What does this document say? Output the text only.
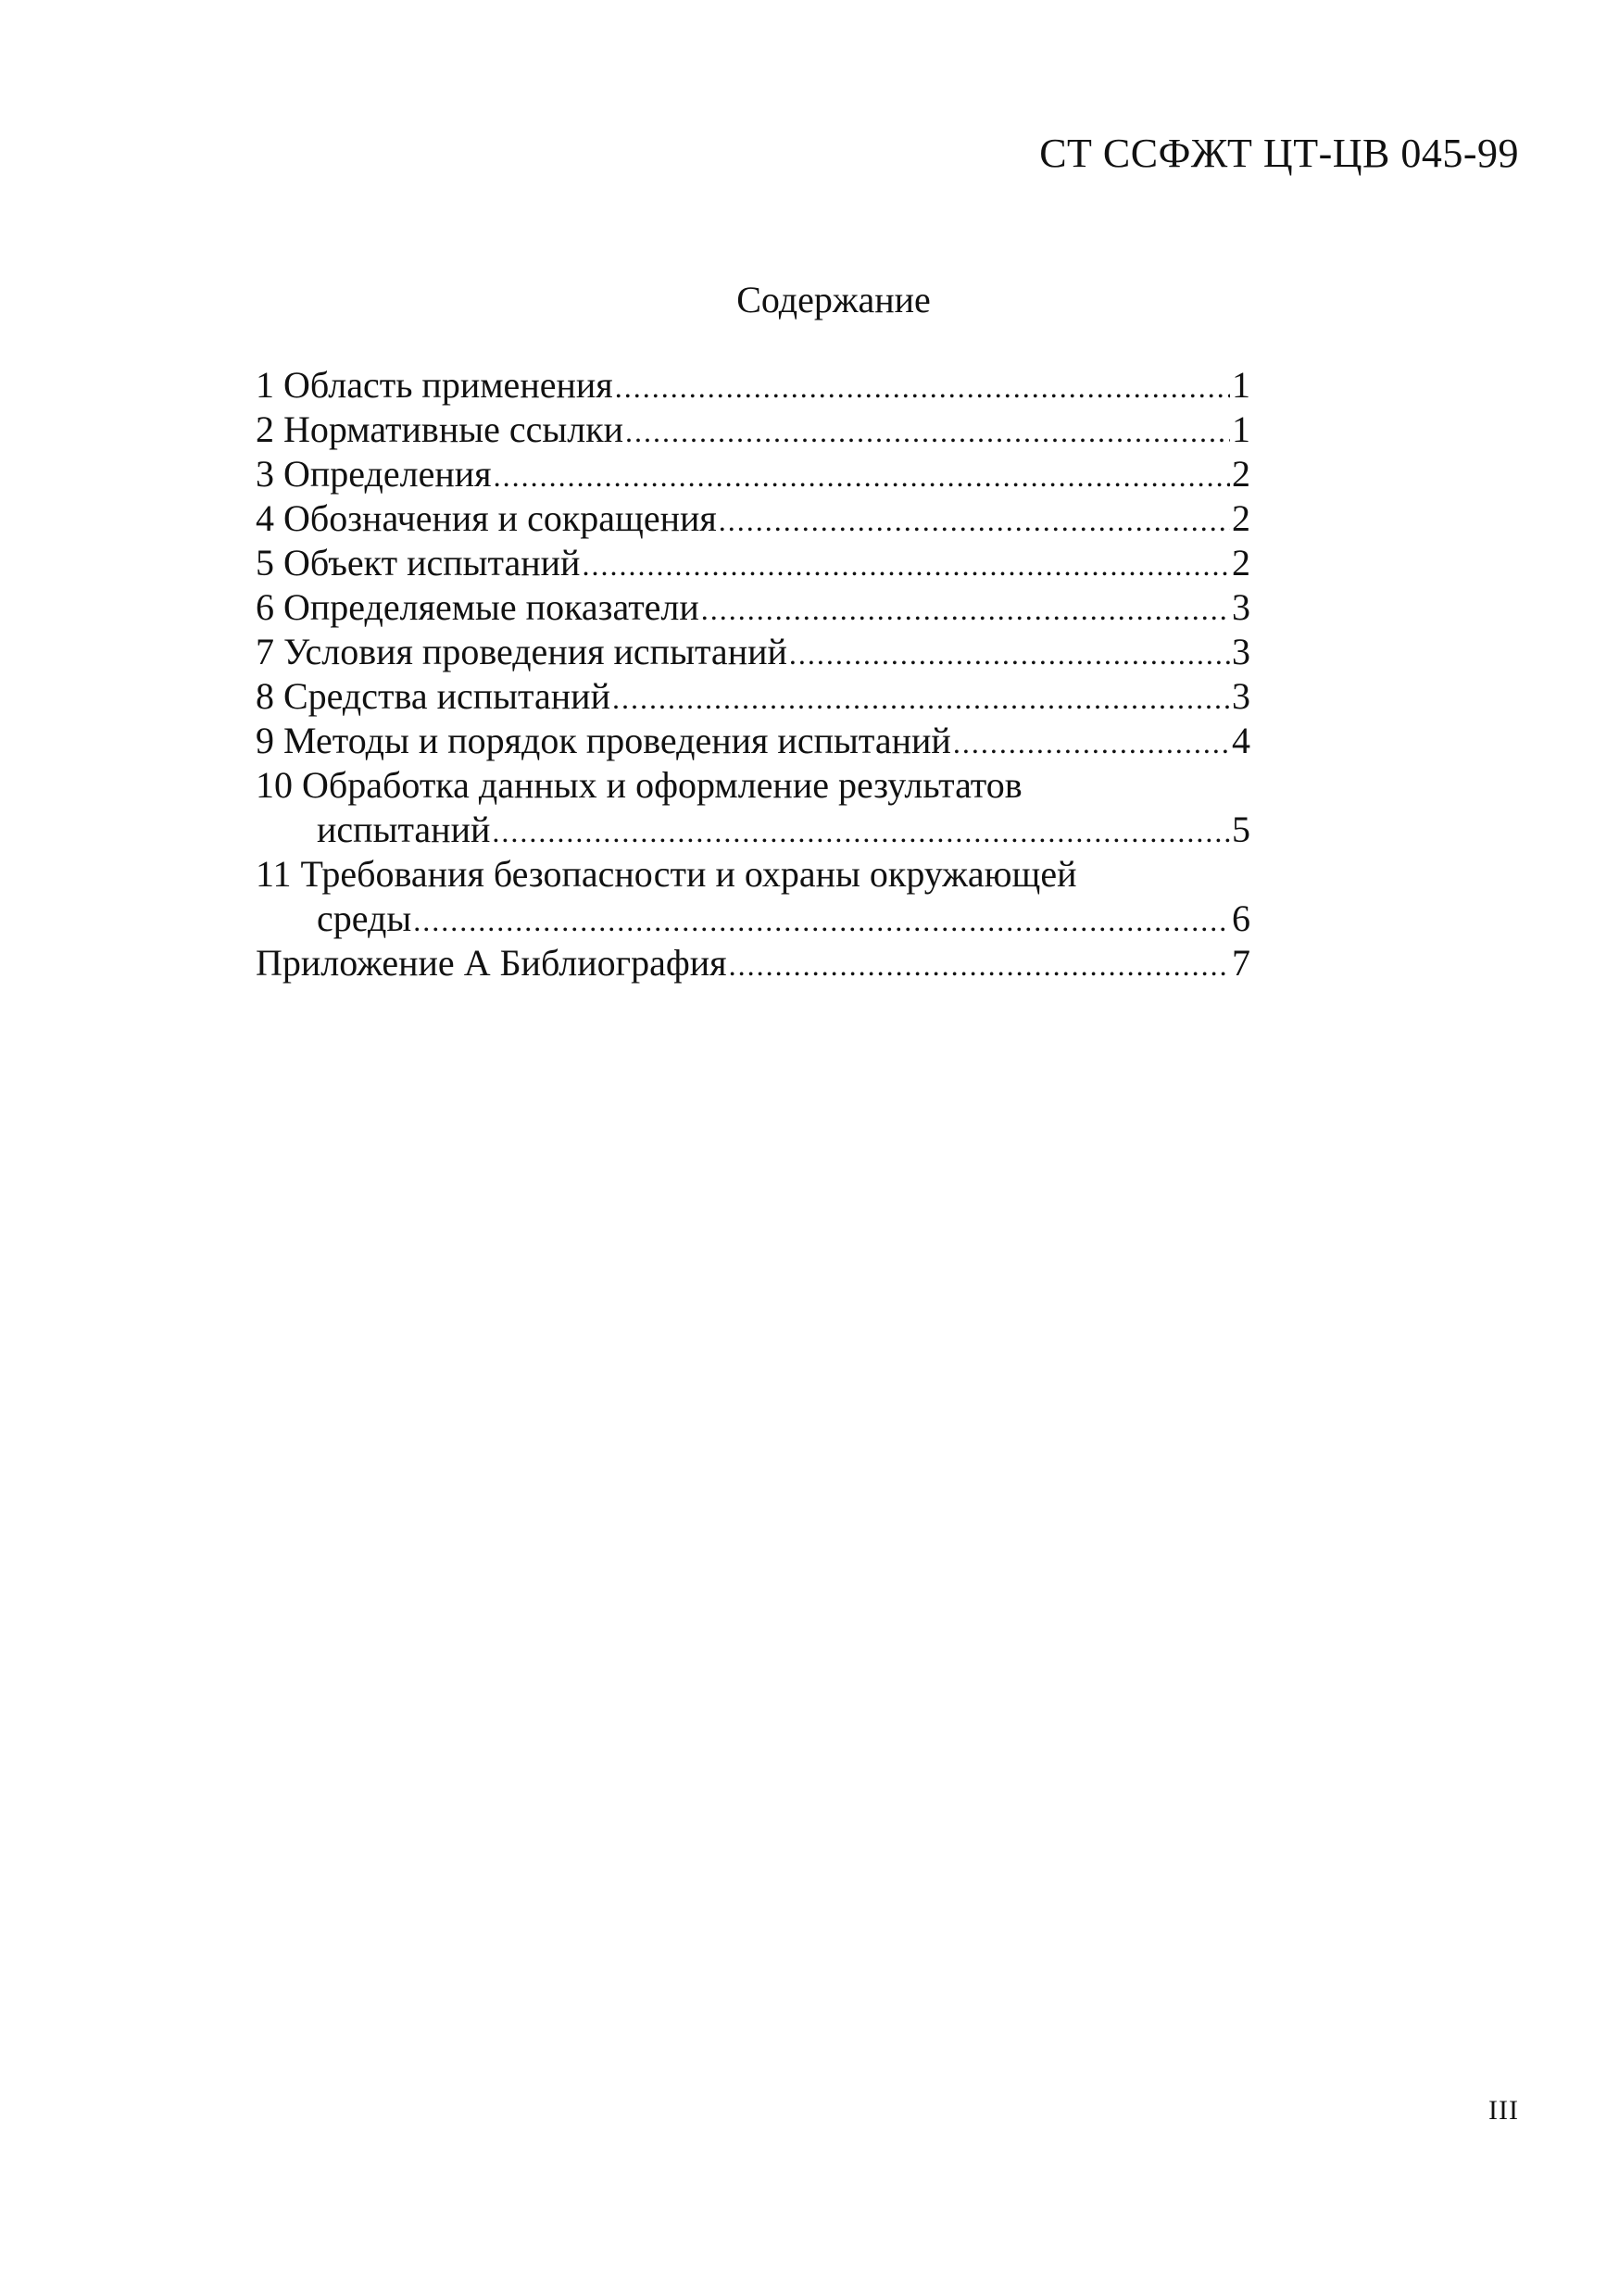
СТ ССФЖТ ЦТ-ЦВ 045-99
Содержание
1 Область применения .....	1
2 Нормативные ссылки .....	1
3 Определения .....	2
4 Обозначения и сокращения .....	2
5 Объект испытаний .....	2
6 Определяемые показатели .....	3
7 Условия проведения испытаний .....	3
8 Средства испытаний .....	3
9 Методы и порядок проведения испытаний .....	4
10 Обработка данных и оформление результатов
испытаний .....	5
11 Требования безопасности и охраны окружающей
среды .....	6
Приложение А Библиография .....	7
III
